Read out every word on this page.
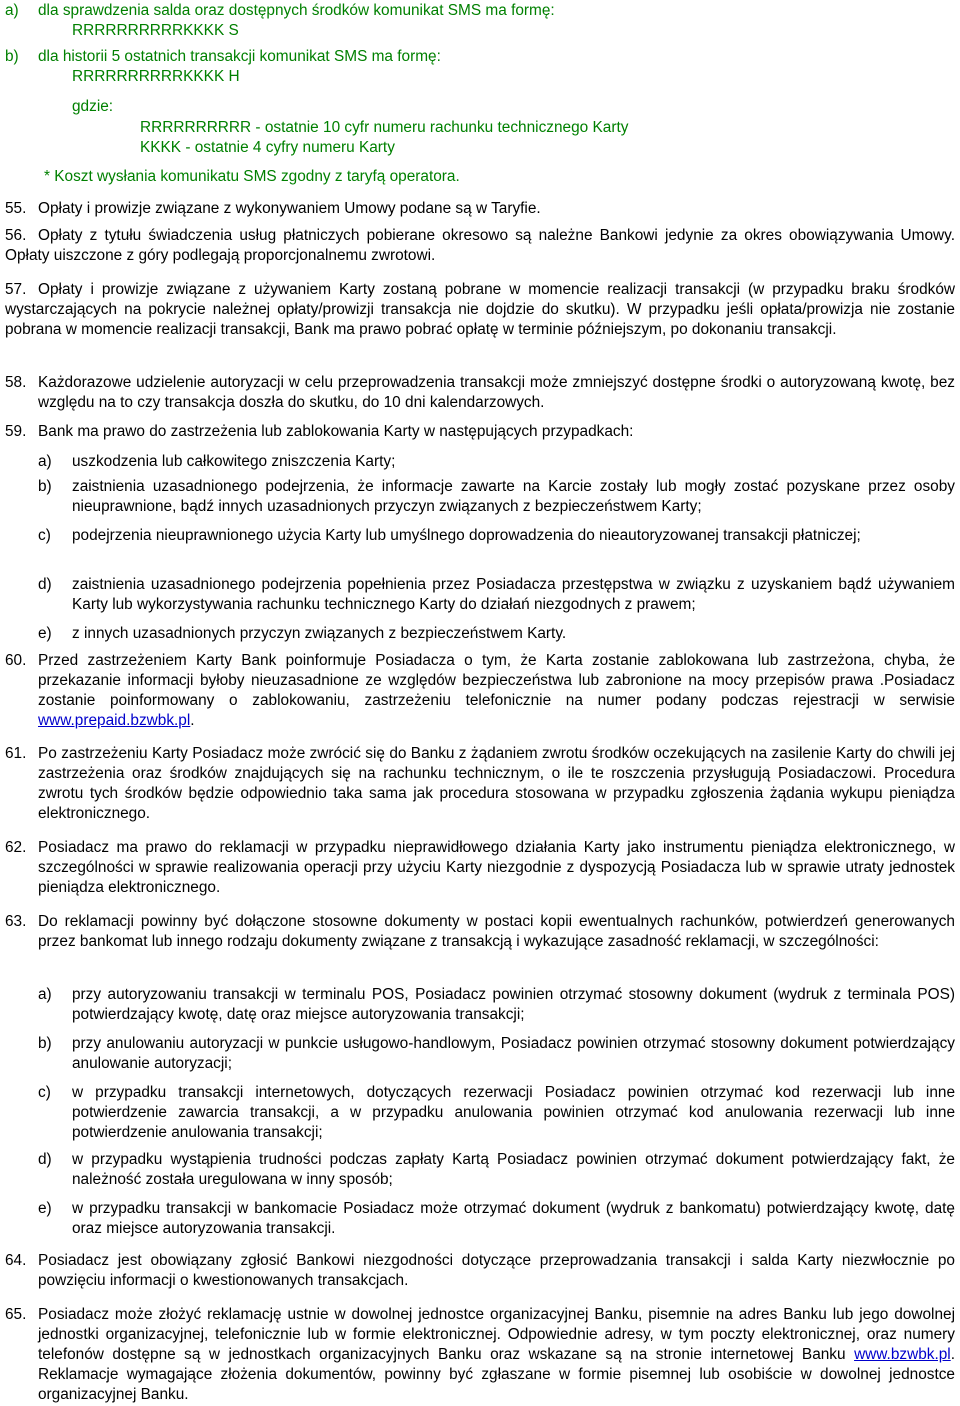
a) dla sprawdzenia salda oraz dostępnych środków komunikat SMS ma formę:
RRRRRRRRRRKKKK S
b) dla historii 5 ostatnich transakcji komunikat SMS ma formę:
RRRRRRRRRRKKKK H
gdzie:
RRRRRRRRRR - ostatnie 10 cyfr numeru rachunku technicznego Karty
KKKK - ostatnie 4 cyfry numeru Karty
* Koszt wysłania komunikatu SMS zgodny z taryfą operatora.
55. Opłaty i prowizje związane z wykonywaniem Umowy podane są w Taryfie.
56. Opłaty z tytułu świadczenia usług płatniczych pobierane okresowo są należne Bankowi jedynie za okres obowiązywania Umowy. Opłaty uiszczone z góry podlegają proporcjonalnemu zwrotowi.
57. Opłaty i prowizje związane z używaniem Karty zostaną pobrane w momencie realizacji transakcji (w przypadku braku środków wystarczających na pokrycie należnej opłaty/prowizji transakcja nie dojdzie do skutku). W przypadku jeśli opłata/prowizja nie zostanie pobrana w momencie realizacji transakcji, Bank ma prawo pobrać opłatę w terminie późniejszym, po dokonaniu transakcji.
58. Każdorazowe udzielenie autoryzacji w celu przeprowadzenia transakcji może zmniejszyć dostępne środki o autoryzowaną kwotę, bez względu na to czy transakcja doszła do skutku, do 10 dni kalendarzowych.
59. Bank ma prawo do zastrzeżenia lub zablokowania Karty w następujących przypadkach:
a) uszkodzenia lub całkowitego zniszczenia Karty;
b) zaistnienia uzasadnionego podejrzenia, że informacje zawarte na Karcie zostały lub mogły zostać pozyskane przez osoby nieuprawnione, bądź innych uzasadnionych przyczyn związanych z bezpieczeństwem Karty;
c) podejrzenia nieuprawnionego użycia Karty lub umyślnego doprowadzenia do nieautoryzowanej transakcji płatniczej;
d) zaistnienia uzasadnionego podejrzenia popełnienia przez Posiadacza przestępstwa w związku z uzyskaniem bądź używaniem Karty lub wykorzystywania rachunku technicznego Karty do działań niezgodnych z prawem;
e) z innych uzasadnionych przyczyn związanych z bezpieczeństwem Karty.
60. Przed zastrzeżeniem Karty Bank poinformuje Posiadacza o tym, że Karta zostanie zablokowana lub zastrzeżona, chyba, że przekazanie informacji byłoby nieuzasadnione ze względów bezpieczeństwa lub zabronione na mocy przepisów prawa .Posiadacz zostanie poinformowany o zablokowaniu, zastrzeżeniu telefonicznie na numer podany podczas rejestracji w serwisie www.prepaid.bzwbk.pl.
61. Po zastrzeżeniu Karty Posiadacz może zwrócić się do Banku z żądaniem zwrotu środków oczekujących na zasilenie Karty do chwili jej zastrzeżenia oraz środków znajdujących się na rachunku technicznym, o ile te roszczenia przysługują Posiadaczowi. Procedura zwrotu tych środków będzie odpowiednio taka sama jak procedura stosowana w przypadku zgłoszenia żądania wykupu pieniądza elektronicznego.
62. Posiadacz ma prawo do reklamacji w przypadku nieprawidłowego działania Karty jako instrumentu pieniądza elektronicznego, w szczególności w sprawie realizowania operacji przy użyciu Karty niezgodnie z dyspozycją Posiadacza lub w sprawie utraty jednostek pieniądza elektronicznego.
63. Do reklamacji powinny być dołączone stosowne dokumenty w postaci kopii ewentualnych rachunków, potwierdzeń generowanych przez bankomat lub innego rodzaju dokumenty związane z transakcją i wykazujące zasadność reklamacji, w szczególności:
a) przy autoryzowaniu transakcji w terminalu POS, Posiadacz powinien otrzymać stosowny dokument (wydruk z terminala POS) potwierdzający kwotę, datę oraz miejsce autoryzowania transakcji;
b) przy anulowaniu autoryzacji w punkcie usługowo-handlowym, Posiadacz powinien otrzymać stosowny dokument potwierdzający anulowanie autoryzacji;
c) w przypadku transakcji internetowych, dotyczących rezerwacji Posiadacz powinien otrzymać kod rezerwacji lub inne potwierdzenie zawarcia transakcji, a w przypadku anulowania powinien otrzymać kod anulowania rezerwacji lub inne potwierdzenie anulowania transakcji;
d) w przypadku wystąpienia trudności podczas zapłaty Kartą Posiadacz powinien otrzymać dokument potwierdzający fakt, że należność została uregulowana w inny sposób;
e) w przypadku transakcji w bankomacie Posiadacz może otrzymać dokument (wydruk z bankomatu) potwierdzający kwotę, datę oraz miejsce autoryzowania transakcji.
64. Posiadacz jest obowiązany zgłosić Bankowi niezgodności dotyczące przeprowadzania transakcji i salda Karty niezwłocznie po powzięciu informacji o kwestionowanych transakcjach.
65. Posiadacz może złożyć reklamację ustnie w dowolnej jednostce organizacyjnej Banku, pisemnie na adres Banku lub jego dowolnej jednostki organizacyjnej, telefonicznie lub w formie elektronicznej. Odpowiednie adresy, w tym poczty elektronicznej, oraz numery telefonów dostępne są w jednostkach organizacyjnych Banku oraz wskazane są na stronie internetowej Banku www.bzwbk.pl. Reklamacje wymagające złożenia dokumentów, powinny być zgłaszane w formie pisemnej lub osobiście w dowolnej jednostce organizacyjnej Banku.
